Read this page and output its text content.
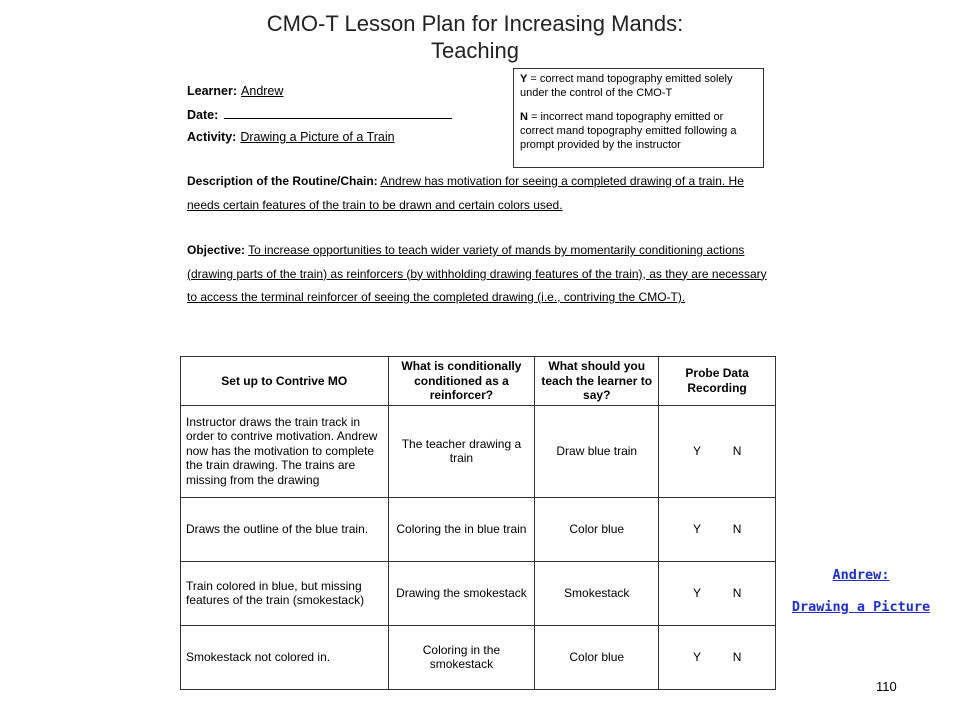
CMO-T Lesson Plan for Increasing Mands:
Teaching
Learner: Andrew
Date:
Activity: Drawing a Picture of a Train

Y = correct mand topography emitted solely under the control of the CMO-T

N = incorrect mand topography emitted or correct mand topography emitted following a prompt provided by the instructor

Description of the Routine/Chain: Andrew has motivation for seeing a completed drawing of a train. He needs certain features of the train to be drawn and certain colors used.
Objective: To increase opportunities to teach wider variety of mands by momentarily conditioning actions (drawing parts of the train) as reinforcers (by withholding drawing features of the train), as they are necessary to access the terminal reinforcer of seeing the completed drawing (i.e., contriving the CMO-T).
Set up to Contrive MO	What is conditionally conditioned as a reinforcer?	What should you teach the learner to say?	Probe Data Recording
Instructor draws the train track in order to contrive motivation. Andrew now has the motivation to complete the train drawing. The trains are missing from the drawing	The teacher drawing a train	Draw blue train	Y N
Draws the outline of the blue train.	Coloring the in blue train	Color blue	Y N
Train colored in blue, but missing features of the train (smokestack)	Drawing the smokestack	Smokestack	Y N
Smokestack not colored in.	Coloring in the smokestack	Color blue	Y N
Andrew:
Drawing a Picture
110
